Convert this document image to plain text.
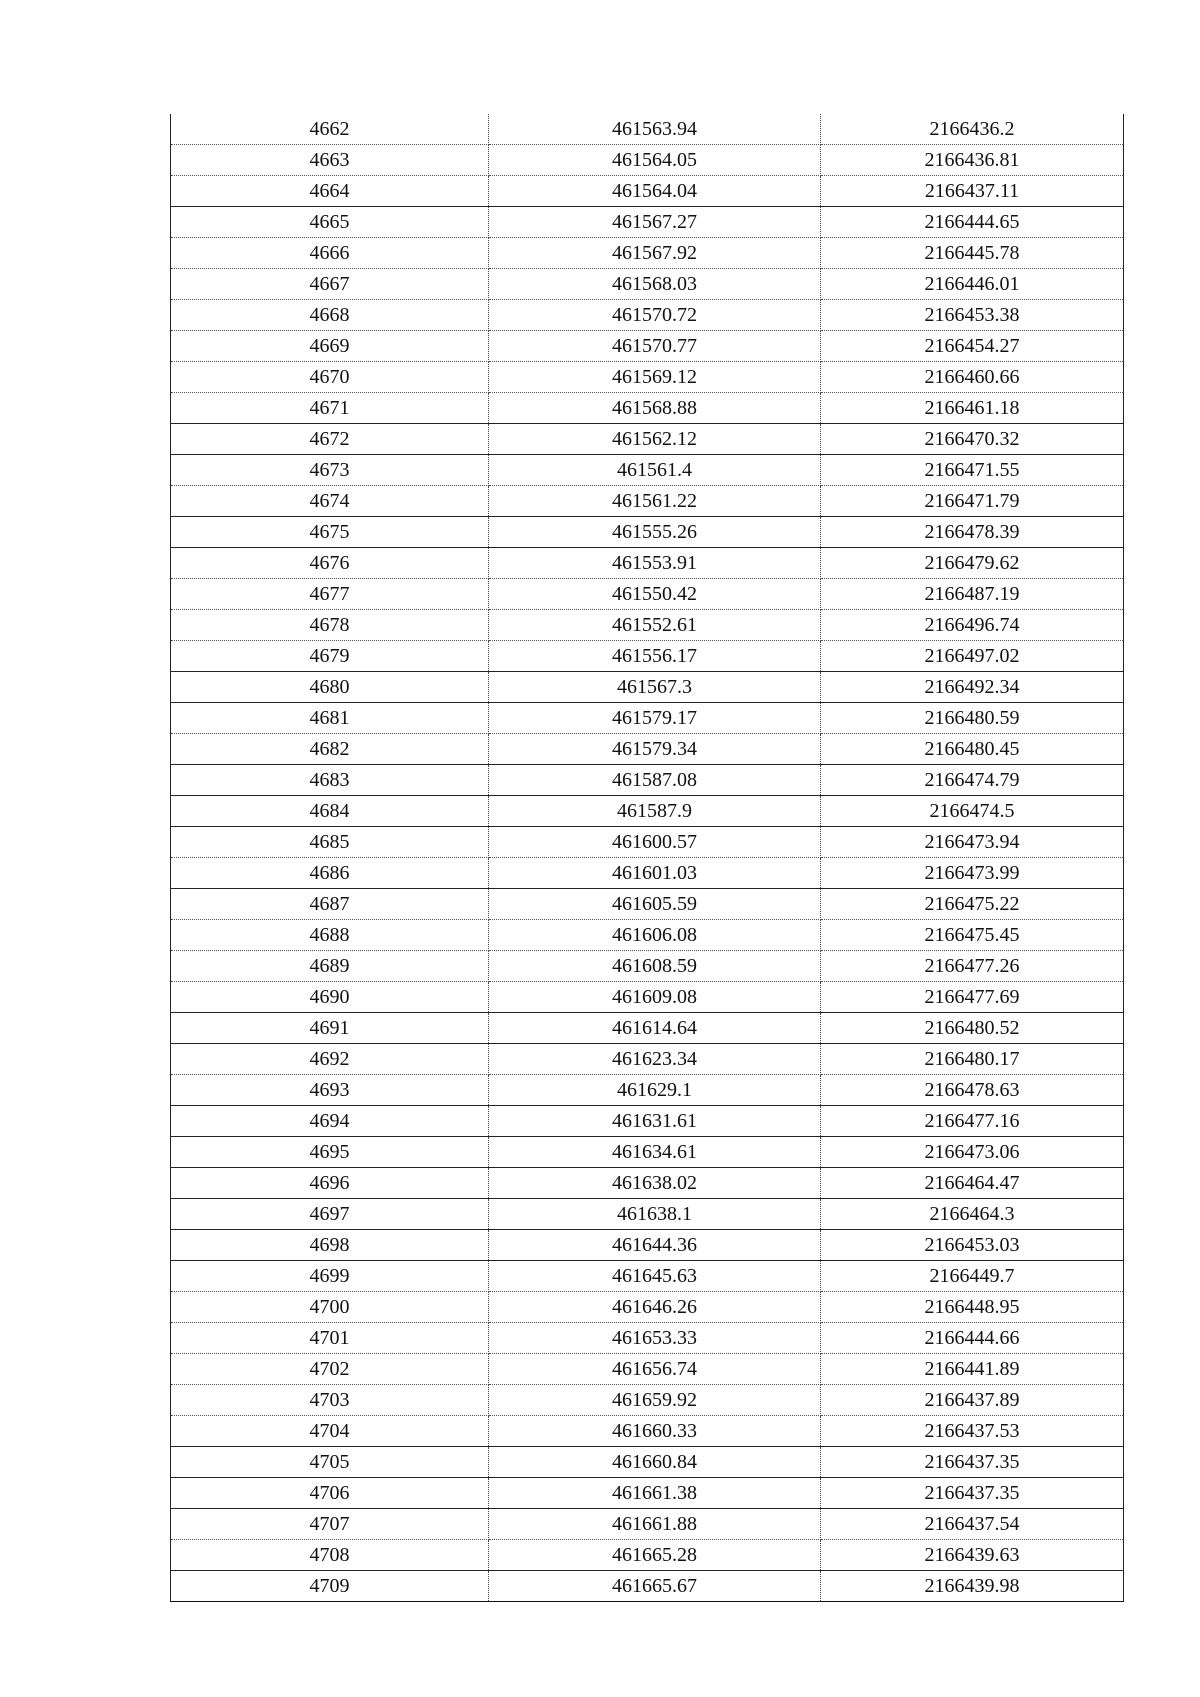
4662	461563.94	2166436.2
4663	461564.05	2166436.81
4664	461564.04	2166437.11
4665	461567.27	2166444.65
4666	461567.92	2166445.78
4667	461568.03	2166446.01
4668	461570.72	2166453.38
4669	461570.77	2166454.27
4670	461569.12	2166460.66
4671	461568.88	2166461.18
4672	461562.12	2166470.32
4673	461561.4	2166471.55
4674	461561.22	2166471.79
4675	461555.26	2166478.39
4676	461553.91	2166479.62
4677	461550.42	2166487.19
4678	461552.61	2166496.74
4679	461556.17	2166497.02
4680	461567.3	2166492.34
4681	461579.17	2166480.59
4682	461579.34	2166480.45
4683	461587.08	2166474.79
4684	461587.9	2166474.5
4685	461600.57	2166473.94
4686	461601.03	2166473.99
4687	461605.59	2166475.22
4688	461606.08	2166475.45
4689	461608.59	2166477.26
4690	461609.08	2166477.69
4691	461614.64	2166480.52
4692	461623.34	2166480.17
4693	461629.1	2166478.63
4694	461631.61	2166477.16
4695	461634.61	2166473.06
4696	461638.02	2166464.47
4697	461638.1	2166464.3
4698	461644.36	2166453.03
4699	461645.63	2166449.7
4700	461646.26	2166448.95
4701	461653.33	2166444.66
4702	461656.74	2166441.89
4703	461659.92	2166437.89
4704	461660.33	2166437.53
4705	461660.84	2166437.35
4706	461661.38	2166437.35
4707	461661.88	2166437.54
4708	461665.28	2166439.63
4709	461665.67	2166439.98
